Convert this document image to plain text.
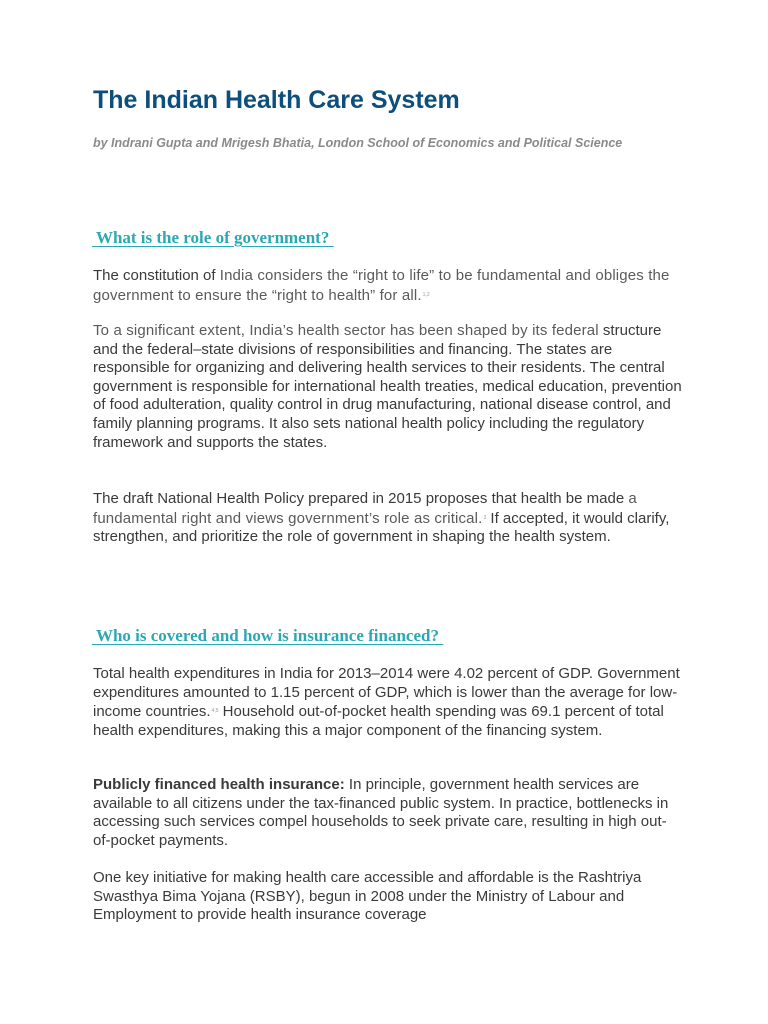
The Indian Health Care System

by Indrani Gupta and Mrigesh Bhatia, London School of Economics and Political Science

What is the role of government?

The constitution of India considers the “right to life” to be fundamental and obliges the government to ensure the “right to health” for all.$^{1,2}$

To a significant extent, India’s health sector has been shaped by its federal structure and the federal–state divisions of responsibilities and financing. The states are responsible for organizing and delivering health services to their residents. The central government is responsible for international health treaties, medical education, prevention of food adulteration, quality control in drug manufacturing, national disease control, and family planning programs. It also sets national health policy including the regulatory framework and supports the states.

The draft National Health Policy prepared in 2015 proposes that health be made a fundamental right and views government’s role as critical.$^3$ If accepted, it would clarify, strengthen, and prioritize the role of government in shaping the health system.

Who is covered and how is insurance financed?

Total health expenditures in India for 2013–2014 were 4.02 percent of GDP. Government expenditures amounted to 1.15 percent of GDP, which is lower than the average for low-income countries.$^{4,5}$ Household out-of-pocket health spending was 69.1 percent of total health expenditures, making this a major component of the financing system.

Publicly financed health insurance: In principle, government health services are available to all citizens under the tax-financed public system. In practice, bottlenecks in accessing such services compel households to seek private care, resulting in high out-of-pocket payments.

One key initiative for making health care accessible and affordable is the Rashtriya Swasthya Bima Yojana (RSBY), begun in 2008 under the Ministry of Labour and Employment to provide health insurance coverage
